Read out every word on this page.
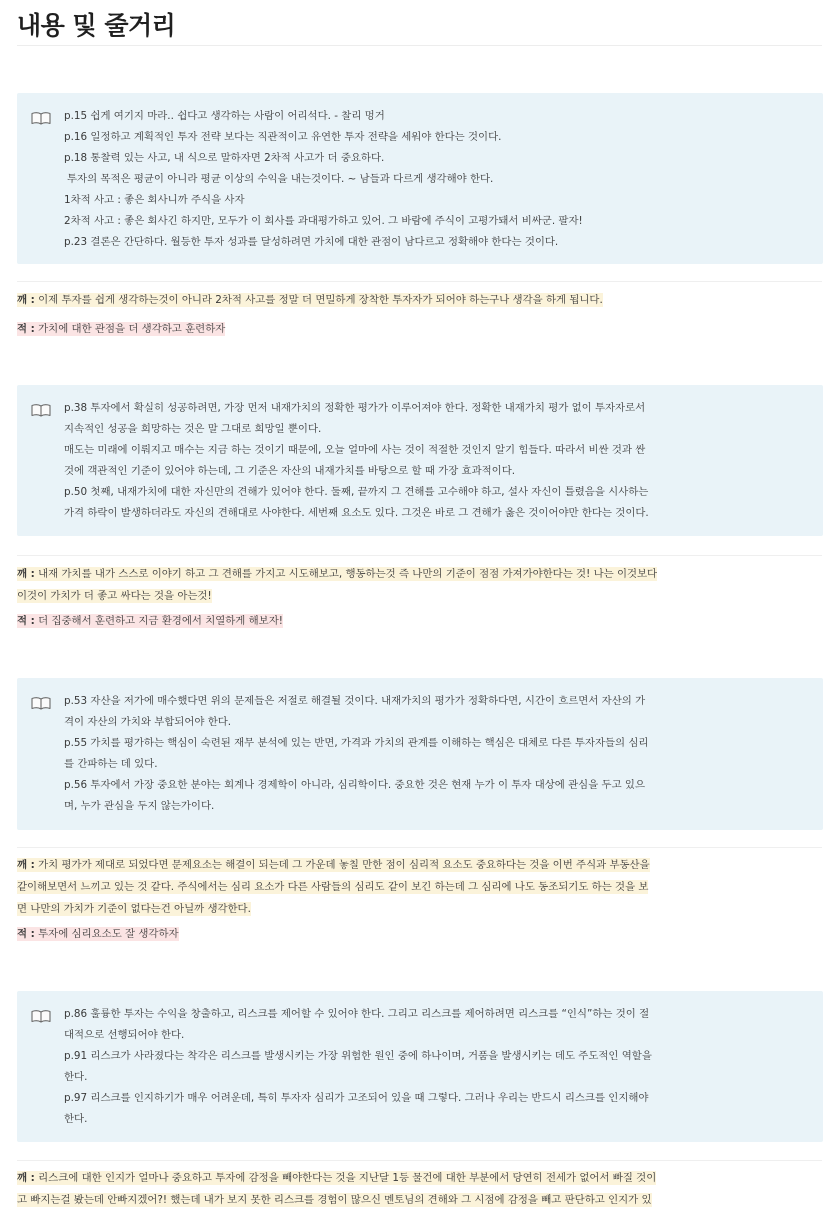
내용 및 줄거리
p.15 쉽게 여기지 마라.. 쉽다고 생각하는 사람이 어리석다. - 찰리 멍거
p.16 일정하고 계획적인 투자 전략 보다는 직관적이고 유연한 투자 전략을 세워야 한다는 것이다.
p.18 통찰력 있는 사고, 내 식으로 말하자면 2차적 사고가 더 중요하다.
투자의 목적은 평균이 아니라 평균 이상의 수익을 내는것이다. ~ 남들과 다르게 생각해야 한다.
1차적 사고 : 좋은 회사니까 주식을 사자
2차적 사고 : 좋은 회사긴 하지만, 모두가 이 회사를 과대평가하고 있어. 그 바람에 주식이 고평가돼서 비싸군. 팔자!
p.23 결론은 간단하다. 월등한 투자 성과를 달성하려면 가치에 대한 관점이 남다르고 정확해야 한다는 것이다.
깨 : 이제 투자를 쉽게 생각하는것이 아니라 2차적 사고를 정말 더 면밀하게 장착한 투자자가 되어야 하는구나 생각을 하게 됩니다.
적 : 가치에 대한 관점을 더 생각하고 훈련하자
p.38 투자에서 확실히 성공하려면, 가장 먼저 내재가치의 정확한 평가가 이루어져야 한다. 정확한 내재가치 평가 없이 투자자로서
지속적인 성공을 희망하는 것은 말 그대로 희망일 뿐이다.
매도는 미래에 이뤄지고 매수는 지금 하는 것이기 때문에, 오늘 얼마에 사는 것이 적절한 것인지 알기 힘들다. 따라서 비싼 것과 싼
것에 객관적인 기준이 있어야 하는데, 그 기준은 자산의 내재가치를 바탕으로 할 때 가장 효과적이다.
p.50 첫째, 내재가치에 대한 자신만의 견해가 있어야 한다. 둘째, 끝까지 그 견해를 고수해야 하고, 설사 자신이 틀렸음을 시사하는
가격 하락이 발생하더라도 자신의 견해대로 사야한다. 세번째 요소도 있다. 그것은 바로 그 견해가 옳은 것이어야만 한다는 것이다.
깨 : 내재 가치를 내가 스스로 이야기 하고 그 견해를 가지고 시도해보고, 행동하는것 즉 나만의 기준이 점점 가져가야한다는 것! 나는 이것보다
이것이 가치가 더 좋고 싸다는 것을 아는것!
적 : 더 집중해서 훈련하고 지금 환경에서 치열하게 해보자!
p.53 자산을 저가에 매수했다면 위의 문제들은 저절로 해결될 것이다. 내재가치의 평가가 정확하다면, 시간이 흐르면서 자산의 가
격이 자산의 가치와 부합되어야 한다.
p.55 가치를 평가하는 핵심이 숙련된 재무 분석에 있는 반면, 가격과 가치의 관계를 이해하는 핵심은 대체로 다른 투자자들의 심리
를 간파하는 데 있다.
p.56 투자에서 가장 중요한 분야는 회계나 경제학이 아니라, 심리학이다. 중요한 것은 현재 누가 이 투자 대상에 관심을 두고 있으
며, 누가 관심을 두지 않는가이다.
깨 : 가치 평가가 제대로 되었다면 문제요소는 해결이 되는데 그 가운데 놓칠 만한 점이 심리적 요소도 중요하다는 것을 이번 주식과 부동산을
같이해보면서 느끼고 있는 것 같다. 주식에서는 심리 요소가 다른 사람들의 심리도 같이 보긴 하는데 그 심리에 나도 동조되기도 하는 것을 보
면 나만의 가치가 기준이 없다는건 아닐까 생각한다.
적 : 투자에 심리요소도 잘 생각하자
p.86 훌륭한 투자는 수익을 창출하고, 리스크를 제어할 수 있어야 한다. 그리고 리스크를 제어하려면 리스크를 “인식”하는 것이 절
대적으로 선행되어야 한다.
p.91 리스크가 사라졌다는 착각은 리스크를 발생시키는 가장 위험한 원인 중에 하나이며, 거품을 발생시키는 데도 주도적인 역할을
한다.
p.97 리스크를 인지하기가 매우 어려운데, 특히 투자자 심리가 고조되어 있을 때 그렇다. 그러나 우리는 반드시 리스크를 인지해야
한다.
깨 : 리스크에 대한 인지가 얼마나 중요하고 투자에 감정을 빼야한다는 것을 지난달 1등 물건에 대한 부분에서 당연히 전세가 없어서 빠질 것이
고 빠지는걸 봤는데 안빠지겠어?! 했는데 내가 보지 못한 리스크를 경험이 많으신 멘토님의 견해와 그 시점에 감정을 빼고 판단하고 인지가 있
